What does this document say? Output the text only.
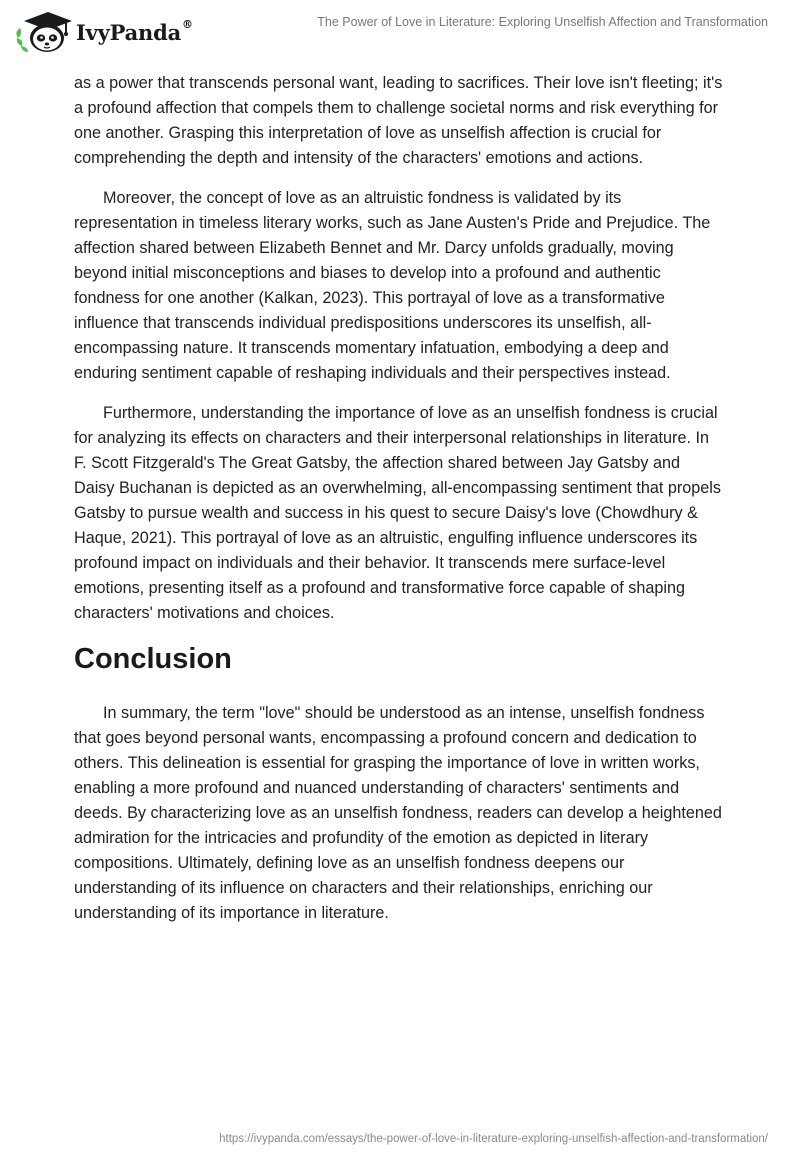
IvyPanda®	The Power of Love in Literature: Exploring Unselfish Affection and Transformation

as a power that transcends personal want, leading to sacrifices. Their love isn't fleeting; it's a profound affection that compels them to challenge societal norms and risk everything for one another. Grasping this interpretation of love as unselfish affection is crucial for comprehending the depth and intensity of the characters' emotions and actions.

Moreover, the concept of love as an altruistic fondness is validated by its representation in timeless literary works, such as Jane Austen's Pride and Prejudice. The affection shared between Elizabeth Bennet and Mr. Darcy unfolds gradually, moving beyond initial misconceptions and biases to develop into a profound and authentic fondness for one another (Kalkan, 2023). This portrayal of love as a transformative influence that transcends individual predispositions underscores its unselfish, all-encompassing nature. It transcends momentary infatuation, embodying a deep and enduring sentiment capable of reshaping individuals and their perspectives instead.

Furthermore, understanding the importance of love as an unselfish fondness is crucial for analyzing its effects on characters and their interpersonal relationships in literature. In F. Scott Fitzgerald's The Great Gatsby, the affection shared between Jay Gatsby and Daisy Buchanan is depicted as an overwhelming, all-encompassing sentiment that propels Gatsby to pursue wealth and success in his quest to secure Daisy's love (Chowdhury & Haque, 2021). This portrayal of love as an altruistic, engulfing influence underscores its profound impact on individuals and their behavior. It transcends mere surface-level emotions, presenting itself as a profound and transformative force capable of shaping characters' motivations and choices.

Conclusion

In summary, the term "love" should be understood as an intense, unselfish fondness that goes beyond personal wants, encompassing a profound concern and dedication to others. This delineation is essential for grasping the importance of love in written works, enabling a more profound and nuanced understanding of characters' sentiments and deeds. By characterizing love as an unselfish fondness, readers can develop a heightened admiration for the intricacies and profundity of the emotion as depicted in literary compositions. Ultimately, defining love as an unselfish fondness deepens our understanding of its influence on characters and their relationships, enriching our understanding of its importance in literature.

https://ivypanda.com/essays/the-power-of-love-in-literature-exploring-unselfish-affection-and-transformation/
